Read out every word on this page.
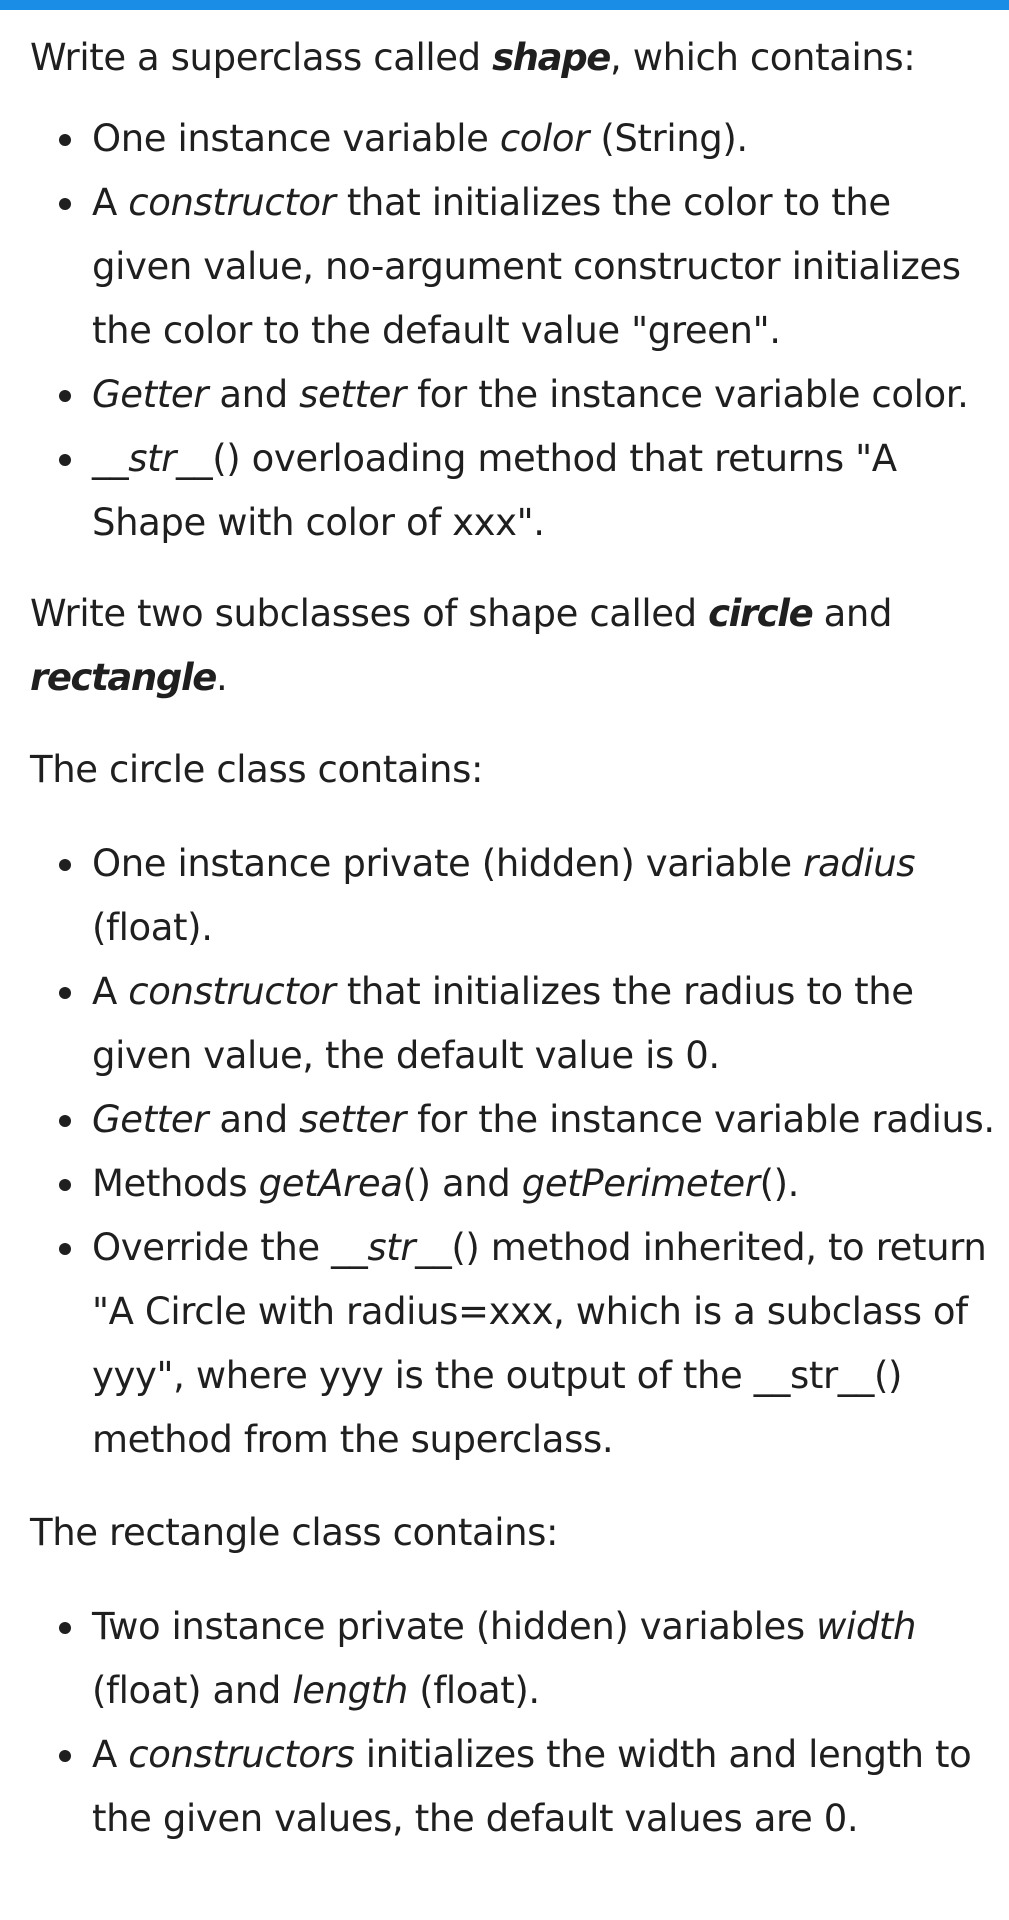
Write a superclass called shape, which contains:

One instance variable color (String).
A constructor that initializes the color to the given value, no-argument constructor initializes the color to the default value "green".
Getter and setter for the instance variable color.
__str__() overloading method that returns "A Shape with color of xxx".

Write two subclasses of shape called circle and rectangle.

The circle class contains:

One instance private (hidden) variable radius (float).
A constructor that initializes the radius to the given value, the default value is 0.
Getter and setter for the instance variable radius.
Methods getArea() and getPerimeter().
Override the __str__() method inherited, to return "A Circle with radius=xxx, which is a subclass of yyy", where yyy is the output of the __str__() method from the superclass.

The rectangle class contains:

Two instance private (hidden) variables width (float) and length (float).
A constructors initializes the width and length to the given values, the default values are 0.
